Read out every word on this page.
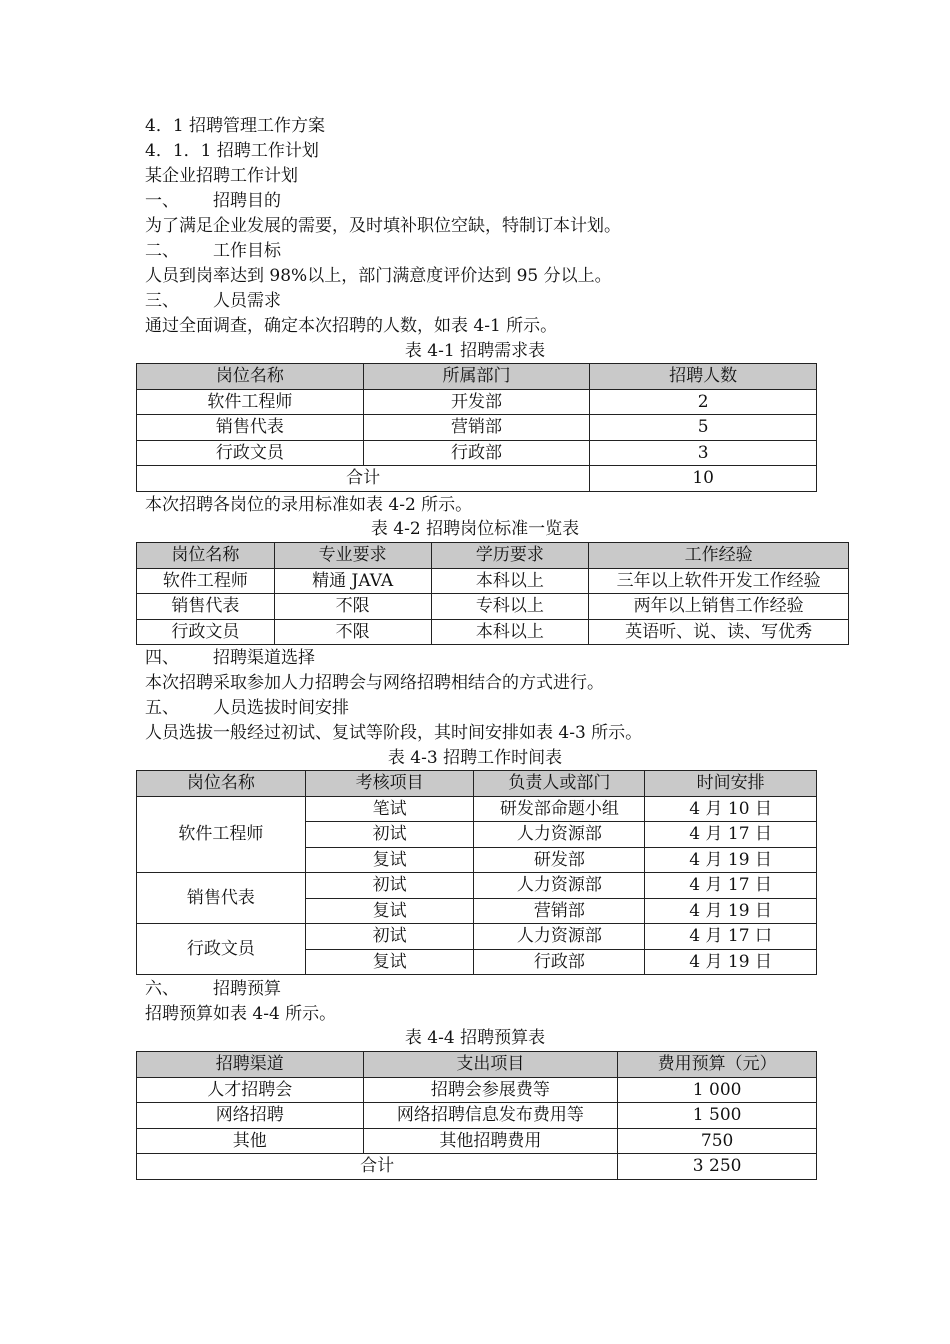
4．1 招聘管理工作方案
4．1．1 招聘工作计划
某企业招聘工作计划
一、 招聘目的
为了满足企业发展的需要，及时填补职位空缺，特制订本计划。
二、 工作目标
人员到岗率达到 98%以上，部门满意度评价达到 95 分以上。
三、 人员需求
通过全面调查，确定本次招聘的人数，如表 4-1 所示。
表 4-1 招聘需求表
岗位名称	所属部门	招聘人数
软件工程师	开发部	2
销售代表	营销部	5
行政文员	行政部	3
合计		10
本次招聘各岗位的录用标准如表 4-2 所示。
表 4-2 招聘岗位标准一览表
岗位名称	专业要求	学历要求	工作经验
软件工程师	精通 JAVA	本科以上	三年以上软件开发工作经验
销售代表	不限	专科以上	两年以上销售工作经验
行政文员	不限	本科以上	英语听、说、读、写优秀
四、 招聘渠道选择
本次招聘采取参加人力招聘会与网络招聘相结合的方式进行。
五、 人员选拔时间安排
人员选拔一般经过初试、复试等阶段，其时间安排如表 4-3 所示。
表 4-3 招聘工作时间表
岗位名称	考核项目	负责人或部门	时间安排
软件工程师	笔试	研发部命题小组	4 月 10 日
	初试	人力资源部	4 月 17 日
	复试	研发部	4 月 19 日
销售代表	初试	人力资源部	4 月 17 日
	复试	营销部	4 月 19 日
行政文员	初试	人力资源部	4 月 17 口
	复试	行政部	4 月 19 日
六、 招聘预算
招聘预算如表 4-4 所示。
表 4-4 招聘预算表
招聘渠道	支出项目	费用预算（元）
人才招聘会	招聘会参展费等	1 000
网络招聘	网络招聘信息发布费用等	1 500
其他	其他招聘费用	750
合计		3 250
